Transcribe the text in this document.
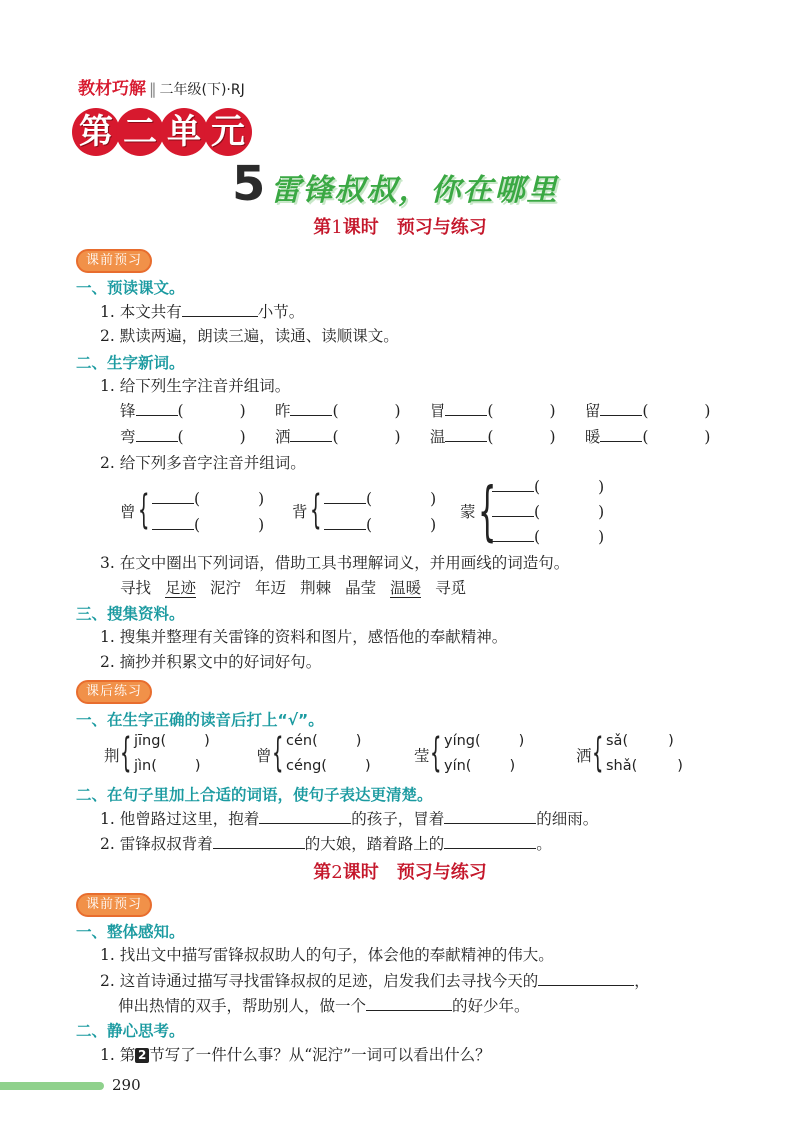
教材巧解 ‖ 二年级(下)·RJ
第 二 单 元
5 雷锋叔叔，你在哪里
第1课时　预习与练习
课前预习
一、预读课文。
1. 本文共有	小节。
2. 默读两遍，朗读三遍，读通、读顺课文。
二、生字新词。
1. 给下列生字注音并组词。
锋	(	) 昨	(	) 冒	(	) 留	(	)
弯	(	) 洒	(	) 温	(	) 暖	(	)
2. 给下列多音字注音并组词。
曾 {	(	)
(	)
背 {	(	)
(	)
蒙 {	(	)
(	)
(	)
3. 在文中圈出下列词语，借助工具书理解词义，并用画线的词造句。
寻找 足迹 泥泞 年迈 荆棘 晶莹 温暖 寻觅
三、搜集资料。
1. 搜集并整理有关雷锋的资料和图片，感悟他的奉献精神。
2. 摘抄并积累文中的好词好句。
课后练习
一、在生字正确的读音后打上“√”。
荆 { jīng(	)
jìn(	)
曾 { cén(	)
céng(	)
莹 { yíng(	)
yín(	)
洒 { sǎ(	)
shǎ(	)
二、在句子里加上合适的词语，使句子表达更清楚。
1. 他曾路过这里，抱着	的孩子，冒着	的细雨。
2. 雷锋叔叔背着	的大娘，踏着路上的	。
第2课时　预习与练习
课前预习
一、整体感知。
1. 找出文中描写雷锋叔叔助人的句子，体会他的奉献精神的伟大。
2. 这首诗通过描写寻找雷锋叔叔的足迹，启发我们去寻找今天的	，
伸出热情的双手，帮助别人，做一个	的好少年。
二、静心思考。
1. 第 2 节写了一件什么事？从“泥泞”一词可以看出什么？
290
